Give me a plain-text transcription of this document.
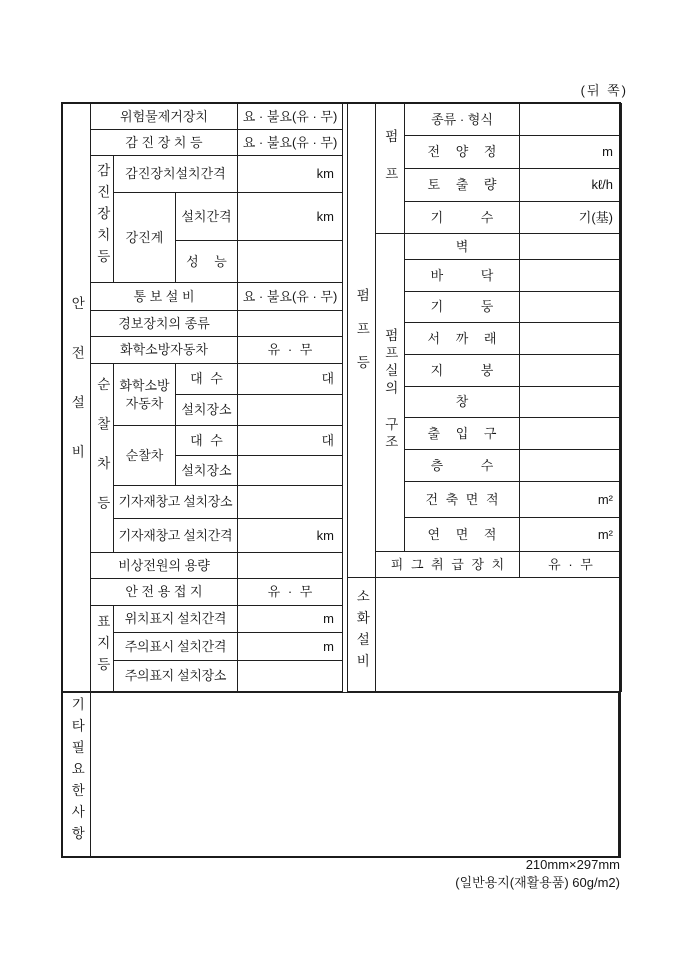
(뒤 쪽)
안전설비	위험물제거장치			요 · 불요(유 · 무)
	감 진 장 치 등			요 · 불요(유 · 무)
	감진장치등	감진장치설치간격		km
		강진계	설치간격	km
			성 능	
	통 보 설 비			요 · 불요(유 · 무)
	경보장치의 종류			
	화학소방자동차			유 · 무
	순찰차등	화학소방자동차	대 수	대
			설치장소	
		순찰차	대 수	대
			설치장소	
		기자재창고 설치장소		
		기자재창고 설치간격		km
	비상전원의 용량			
	안 전 용 접 지			유 · 무
	표지등	위치표지 설치간격		m
		주의표시 설치간격		m
		주의표지 설치장소		
펌프등	펌프	종류 · 형식	
		전 양 정	m
		토 출 량	kℓ/h
		기 수	기(基)
	펌프실의 구조	벽	
		바 닥	
		기 둥	
		서 까 래	
		지 붕	
		창	
		출 입 구	
		층 수	
		건 축 면 적	m²
		연 면 적	m²
	피 그 취 급 장 치		유 · 무
소화설비			
기타필요한사항	
210mm×297mm
(일반용지(재활용품) 60g/m2)
